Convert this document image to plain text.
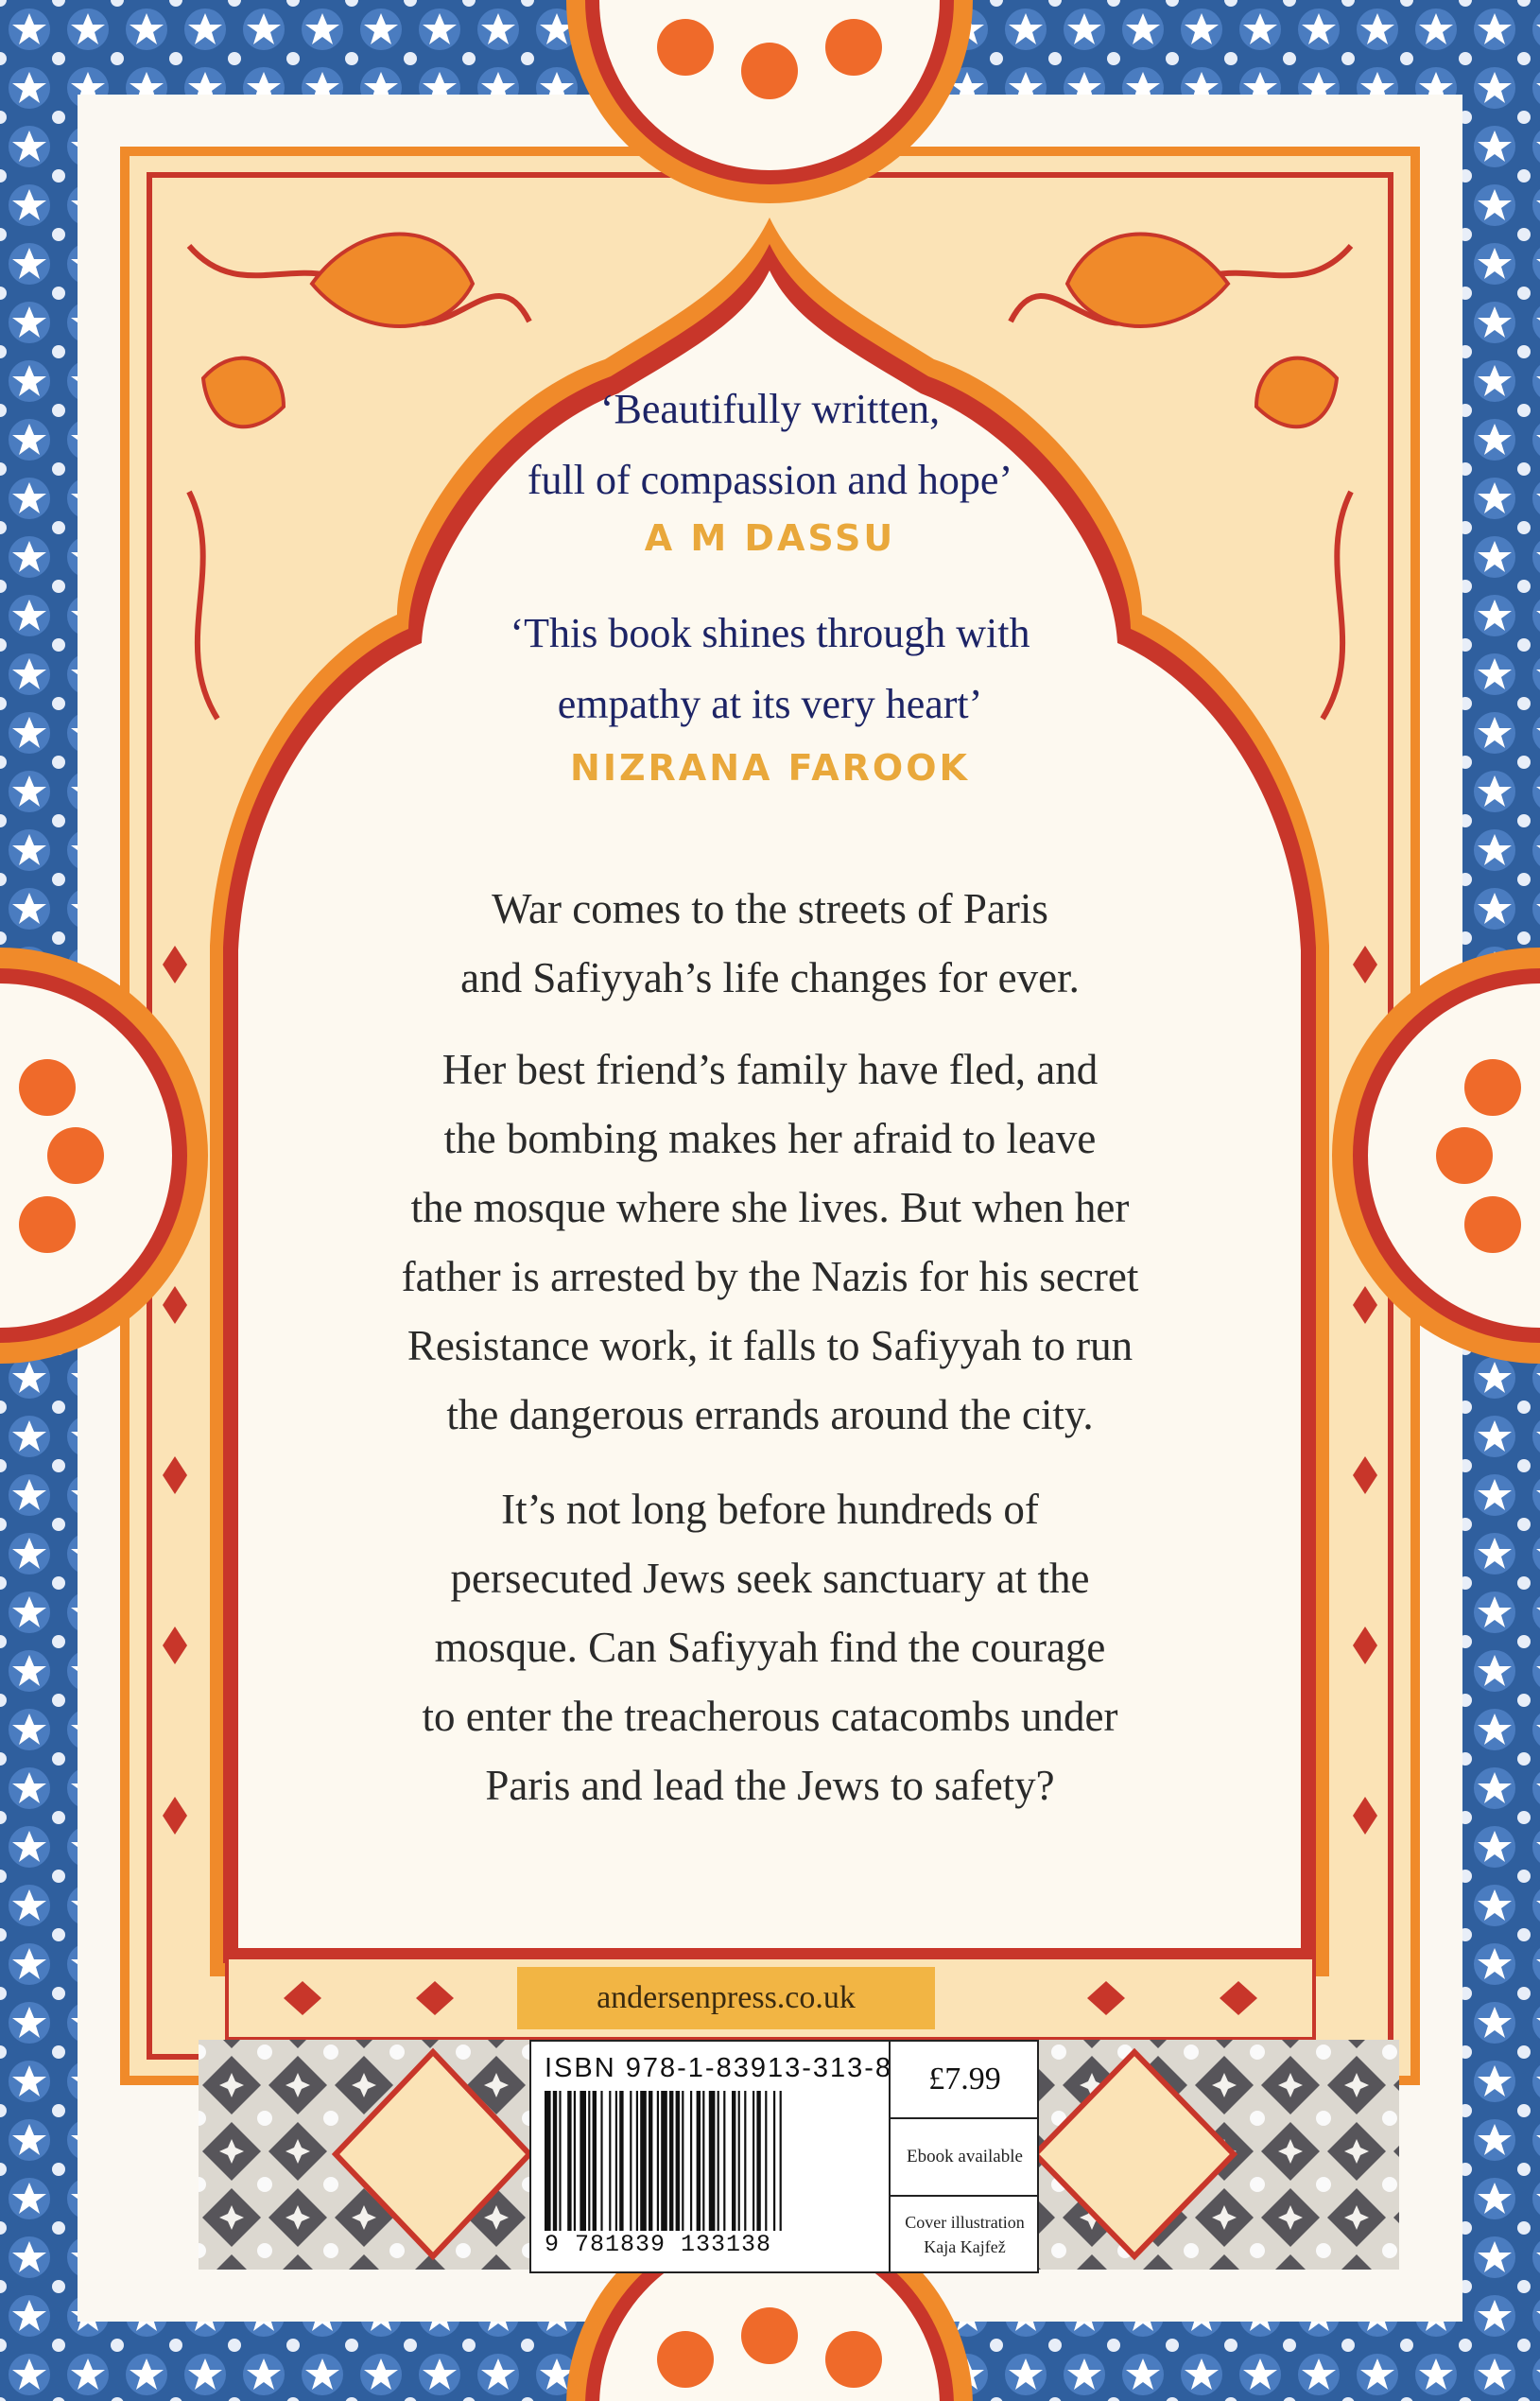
‘Beautifully written,
full of compassion and hope’
A M DASSU
‘This book shines through with
empathy at its very heart’
NIZRANA FAROOK
War comes to the streets of Paris
and Safiyyah’s life changes for ever.
Her best friend’s family have fled, and
the bombing makes her afraid to leave
the mosque where she lives. But when her
father is arrested by the Nazis for his secret
Resistance work, it falls to Safiyyah to run
the dangerous errands around the city.
It’s not long before hundreds of
persecuted Jews seek sanctuary at the
mosque. Can Safiyyah find the courage
to enter the treacherous catacombs under
Paris and lead the Jews to safety?
andersenpress.co.uk
ISBN 978-1-83913-313-8
9 781839 133138
£7.99
Ebook available
Cover illustration
Kaja Kajfež
